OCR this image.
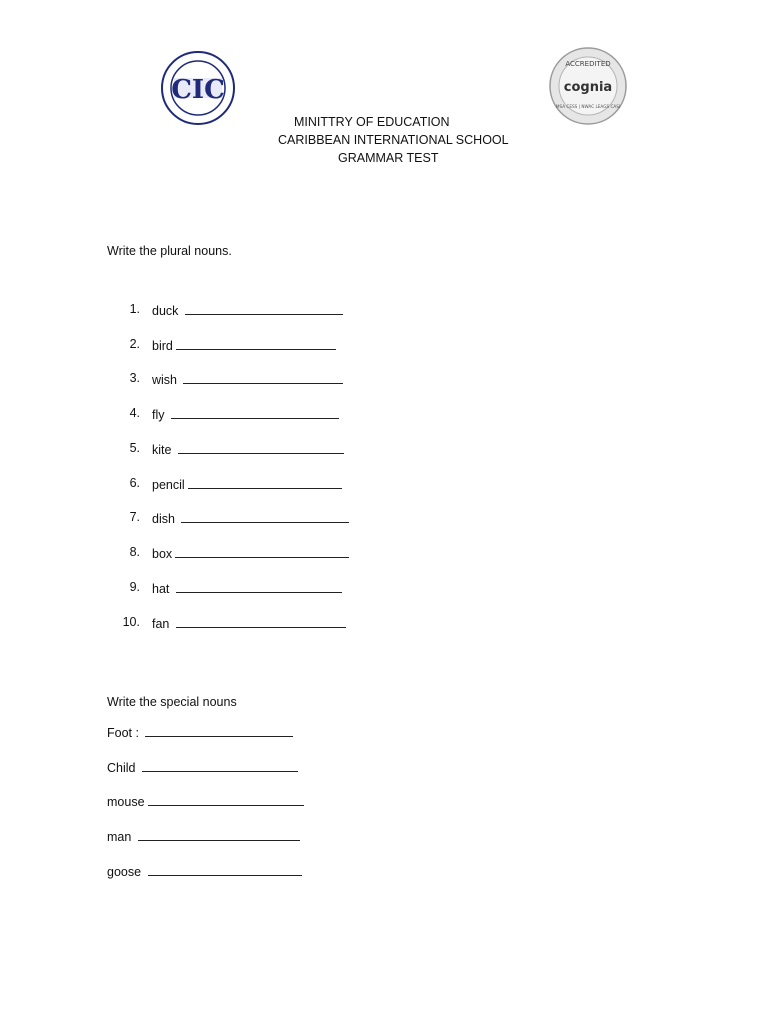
CIC
ACCREDITED
cognia
MSA CESS | NWAC LEAGS CASI
MINITTRY OF EDUCATION
CARIBBEAN INTERNATIONAL SCHOOL
GRAMMAR TEST
Write the plural nouns.
1. duck
2. bird
3. wish
4. fly
5. kite
6. pencil
7. dish
8. box
9. hat
10. fan
Write the special nouns
Foot :
Child
mouse
man
goose
